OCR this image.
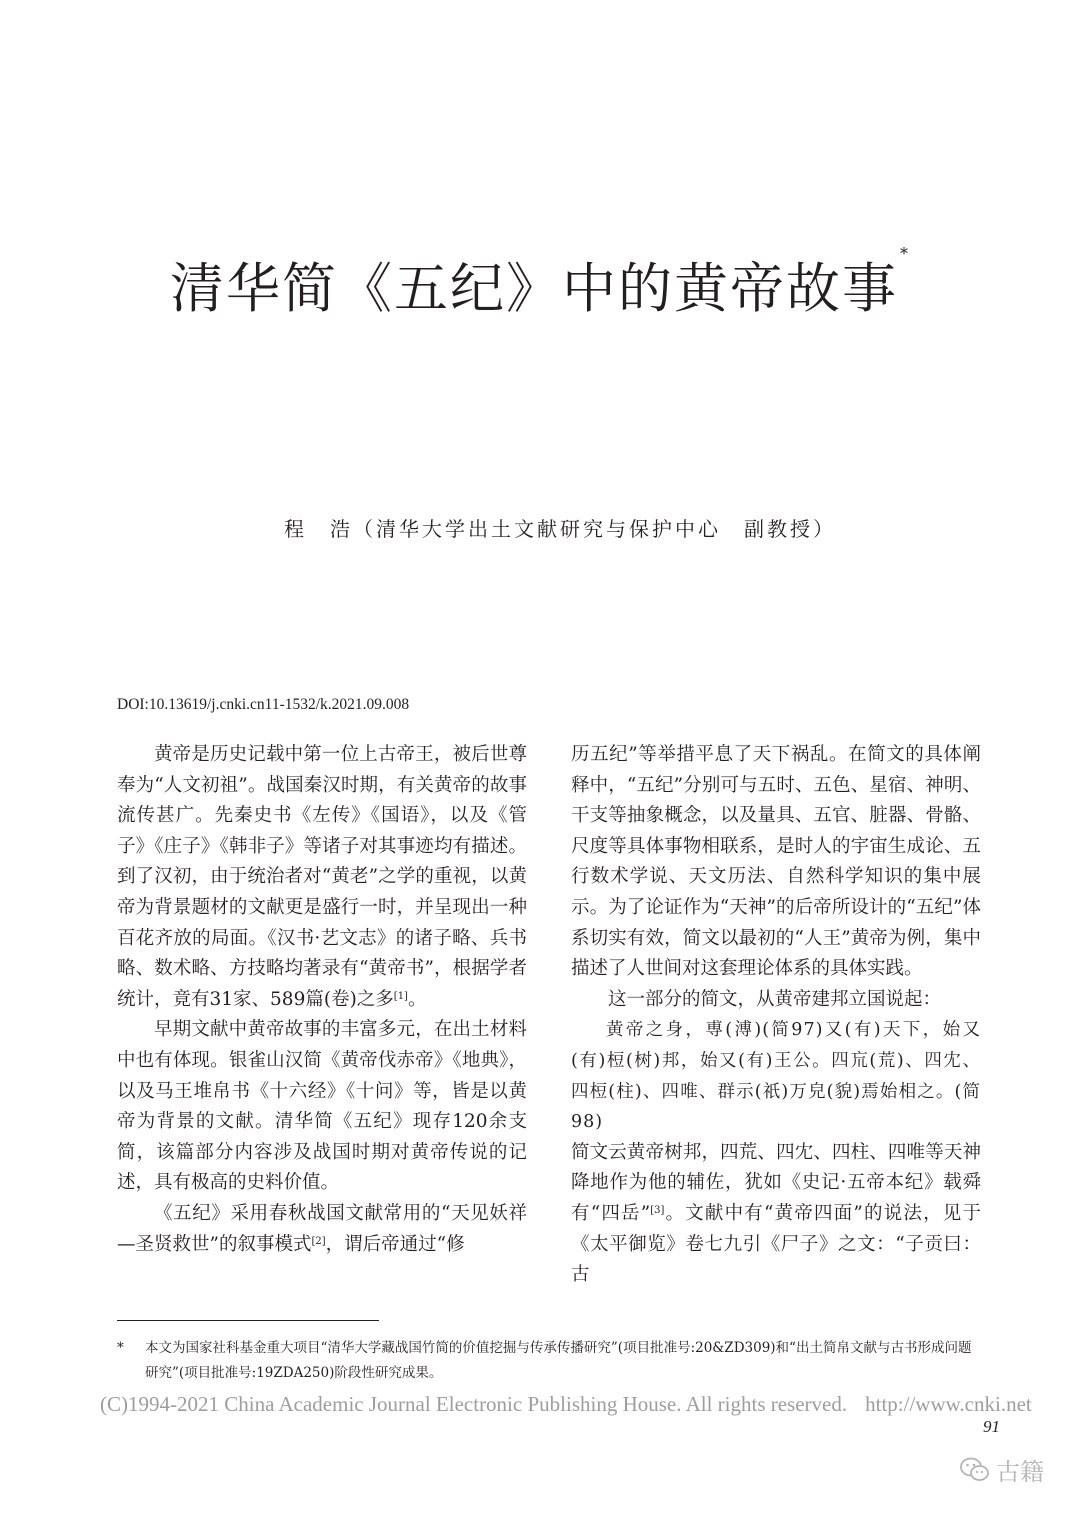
清华简《五纪》中的黄帝故事*
程　浩（清华大学出土文献研究与保护中心　副教授）
DOI:10.13619/j.cnki.cn11-1532/k.2021.09.008

黄帝是历史记载中第一位上古帝王，被后世尊奉为“人文初祖”。战国秦汉时期，有关黄帝的故事流传甚广。先秦史书《左传》《国语》，以及《管子》《庄子》《韩非子》等诸子对其事迹均有描述。到了汉初，由于统治者对“黄老”之学的重视，以黄帝为背景题材的文献更是盛行一时，并呈现出一种百花齐放的局面。《汉书·艺文志》的诸子略、兵书略、数术略、方技略均著录有“黄帝书”，根据学者统计，竟有31家、589篇(卷)之多[1]。

早期文献中黄帝故事的丰富多元，在出土材料中也有体现。银雀山汉简《黄帝伐赤帝》《地典》，以及马王堆帛书《十六经》《十问》等，皆是以黄帝为背景的文献。清华简《五纪》现存120余支简，该篇部分内容涉及战国时期对黄帝传说的记述，具有极高的史料价值。

《五纪》采用春秋战国文献常用的“天见妖祥—圣贤救世”的叙事模式[2]，谓后帝通过“修

历五纪”等举措平息了天下祸乱。在简文的具体阐释中，“五纪”分别可与五时、五色、星宿、神明、干支等抽象概念，以及量具、五官、脏器、骨骼、尺度等具体事物相联系，是时人的宇宙生成论、五行数术学说、天文历法、自然科学知识的集中展示。为了论证作为“天神”的后帝所设计的“五纪”体系切实有效，简文以最初的“人王”黄帝为例，集中描述了人世间对这套理论体系的具体实践。

这一部分的简文，从黄帝建邦立国说起：

黄帝之身，尃(溥)(简97)又(有)天下，始又(有)梪(树)邦，始又(有)王公。四巟(荒)、四冘、四梪(柱)、四唯、群示(祇)万皃(貌)焉始相之。(简98)

简文云黄帝树邦，四荒、四冘、四柱、四唯等天神降地作为他的辅佐，犹如《史记·五帝本纪》载舜有“四岳”[3]。文献中有“黄帝四面”的说法，见于《太平御览》卷七九引《尸子》之文：“子贡曰：古

* 本文为国家社科基金重大项目“清华大学藏战国竹简的价值挖掘与传承传播研究”(项目批准号:20&ZD309)和“出土简帛文献与古书形成问题研究”(项目批准号:19ZDA250)阶段性研究成果。
(C)1994-2021 China Academic Journal Electronic Publishing House. All rights reserved. http://www.cnki.net
91
古籍
